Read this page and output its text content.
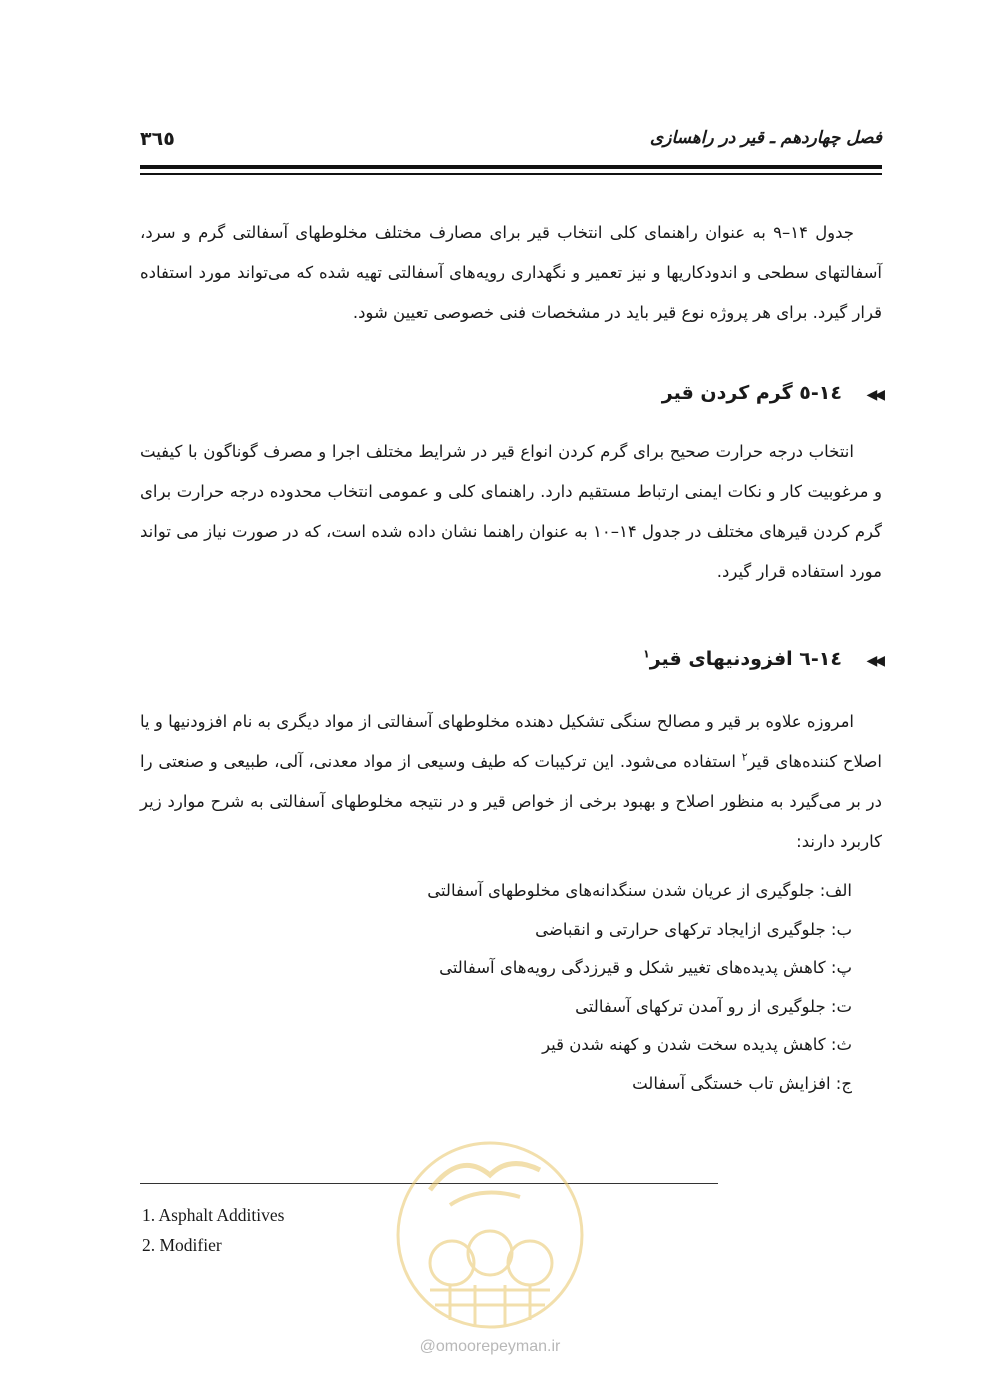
فصل چهاردهم ـ قیر در راهسازی
٣٦٥
جدول ۱۴–۹ به عنوان راهنمای کلی انتخاب قیر برای مصارف مختلف مخلوطهای آسفالتی گرم و سرد، آسفالتهای سطحی و اندودکاریها و نیز تعمیر و نگهداری رویه‌های آسفالتی تهیه شده که می‌تواند مورد استفاده قرار گیرد. برای هر پروژه نوع قیر باید در مشخصات فنی خصوصی تعیین شود.
◀◀١٤-٥ گرم کردن قیر
انتخاب درجه حرارت صحیح برای گرم کردن انواع قیر در شرایط مختلف اجرا و مصرف گوناگون با کیفیت و مرغوبیت کار و نکات ایمنی ارتباط مستقیم دارد. راهنمای کلی و عمومی انتخاب محدوده درجه حرارت برای گرم کردن قیرهای مختلف در جدول ۱۴–۱۰ به عنوان راهنما نشان داده شده است، که در صورت نیاز می تواند مورد استفاده قرار گیرد.
◀◀١٤-٦ افزودنیهای قیر$^١$
امروزه علاوه بر قیر و مصالح سنگی تشکیل دهنده مخلوطهای آسفالتی از مواد دیگری به نام افزودنیها و یا اصلاح کننده‌های قیر$^۲$ استفاده می‌شود. این ترکیبات که طیف وسیعی از مواد معدنی، آلی، طبیعی و صنعتی را در بر می‌گیرد به منظور اصلاح و بهبود برخی از خواص قیر و در نتیجه مخلوطهای آسفالتی به شرح موارد زیر کاربرد دارند:
الف: جلوگیری از عریان شدن سنگدانه‌های مخلوطهای آسفالتی
ب: جلوگیری ازایجاد ترکهای حرارتی و انقباضی
پ: کاهش پدیده‌های تغییر شکل و قیرزدگی رویه‌های آسفالتی
ت: جلوگیری از رو آمدن ترکهای آسفالتی
ث: کاهش پدیده سخت شدن و کهنه شدن قیر
ج: افزایش تاب خستگی آسفالت
1. Asphalt Additives
2. Modifier
@omoorepeyman.ir
